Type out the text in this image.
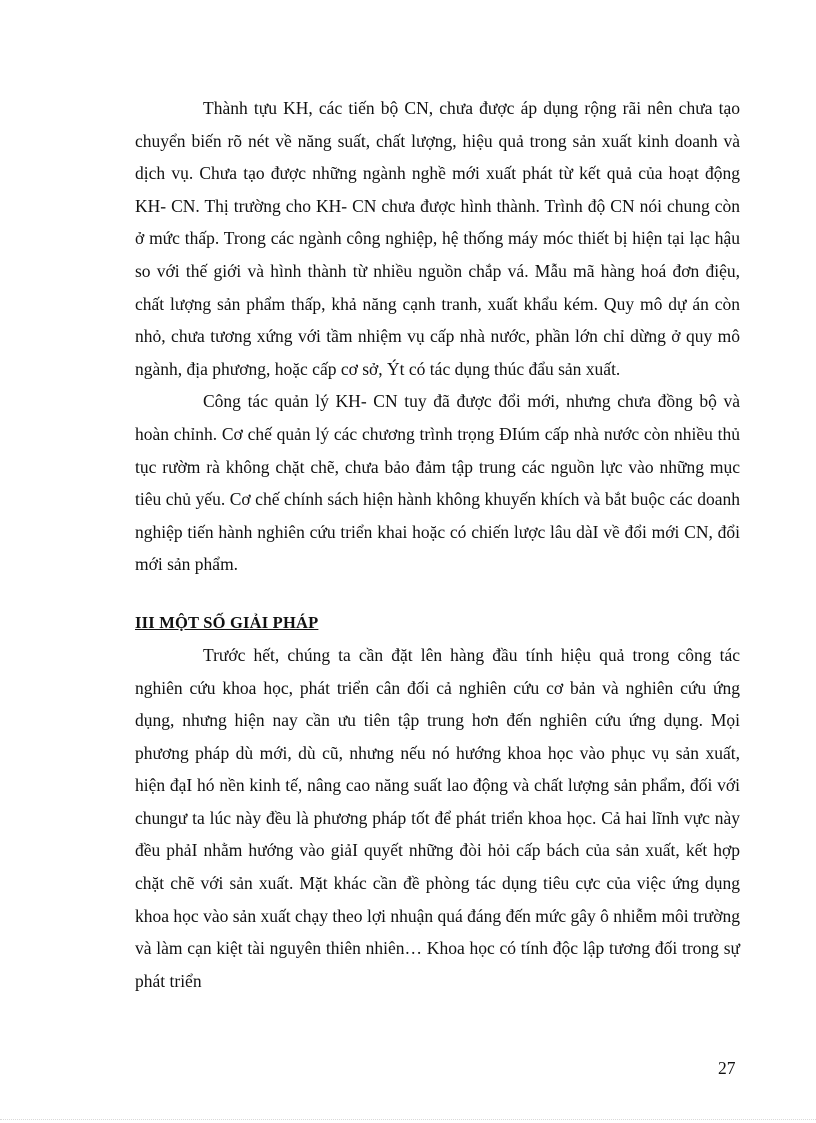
Thành tựu KH, các tiến bộ CN, chưa được áp dụng rộng rãi nên chưa tạo chuyển biến rõ nét về năng suất, chất lượng, hiệu quả trong sản xuất kinh doanh và dịch vụ. Chưa tạo được những ngành nghề mới xuất phát từ kết quả của hoạt động KH- CN. Thị trường cho KH- CN chưa được hình thành. Trình độ CN nói chung còn ở mức thấp. Trong các ngành công nghiệp, hệ thống máy móc thiết bị hiện tại lạc hậu so với thế giới và hình thành từ nhiều nguồn chắp vá. Mẫu mã hàng hoá đơn điệu, chất lượng sản phẩm thấp, khả năng cạnh tranh, xuất khẩu kém. Quy mô dự án còn nhỏ, chưa tương xứng với tầm nhiệm vụ cấp nhà nước, phần lớn chỉ dừng ở quy mô ngành, địa phương, hoặc cấp cơ sở, Ýt có tác dụng thúc đẩu sản xuất.

Công tác quản lý KH- CN tuy đã được đổi mới, nhưng chưa đồng bộ và hoàn chỉnh. Cơ chế quản lý các chương trình trọng ĐIúm cấp nhà nước còn nhiều thủ tục rườm rà không chặt chẽ, chưa bảo đảm tập trung các nguồn lực vào những mục tiêu chủ yếu. Cơ chế chính sách hiện hành không khuyến khích và bắt buộc các doanh nghiệp tiến hành nghiên cứu triển khai hoặc có chiến lược lâu dàI về đổi mới CN, đổi mới sản phẩm.

III MỘT SỐ GIẢI PHÁP

Trước hết, chúng ta cần đặt lên hàng đầu tính hiệu quả trong công tác nghiên cứu khoa học, phát triển cân đối cả nghiên cứu cơ bản và nghiên cứu ứng dụng, nhưng hiện nay cần ưu tiên tập trung hơn đến nghiên cứu ứng dụng. Mọi phương pháp dù mới, dù cũ, nhưng nếu nó hướng khoa học vào phục vụ sản xuất, hiện đạI hó nền kinh tế, nâng cao năng suất lao động và chất lượng sản phẩm, đối với chungư ta lúc này đều là phương pháp tốt để phát triển khoa học. Cả hai lĩnh vực này đều phảI nhằm hướng vào giảI quyết những đòi hỏi cấp bách của sản xuất, kết hợp chặt chẽ với sản xuất. Mặt khác cần đề phòng tác dụng tiêu cực của việc ứng dụng khoa học vào sản xuất chạy theo lợi nhuận quá đáng đến mức gây ô nhiễm môi trường và làm cạn kiệt tài nguyên thiên nhiên… Khoa học có tính độc lập tương đối trong sự phát triển

27
